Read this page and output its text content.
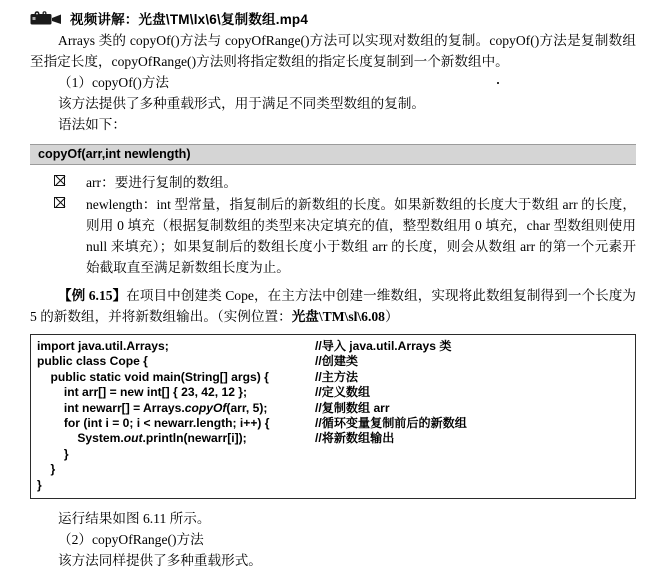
视频讲解：光盘\TM\lx\6\复制数组.mp4

Arrays 类的 copyOf()方法与 copyOfRange()方法可以实现对数组的复制。copyOf()方法是复制数组至指定长度，copyOfRange()方法则将指定数组的指定长度复制到一个新数组中。

（1）copyOf()方法

该方法提供了多种重载形式，用于满足不同类型数组的复制。

语法如下：

copyOf(arr,int newlength)
arr：要进行复制的数组。
newlength：int 型常量，指复制后的新数组的长度。如果新数组的长度大于数组 arr 的长度，则用 0 填充（根据复制数组的类型来决定填充的值，整型数组用 0 填充，char 型数组则使用 null 来填充）；如果复制后的数组长度小于数组 arr 的长度，则会从数组 arr 的第一个元素开始截取直至满足新数组长度为止。

【例 6.15】在项目中创建类 Cope，在主方法中创建一维数组，实现将此数组复制得到一个长度为 5 的新数组，并将新数组输出。（实例位置：光盘\TM\sl\6.08）

import java.util.Arrays;	//导入 java.util.Arrays 类
public class Cope {	//创建类
public static void main(String[] args) {	//主方法
int arr[] = new int[] { 23, 42, 12 };	//定义数组
int newarr[] = Arrays.copyOf(arr, 5);	//复制数组 arr
for (int i = 0; i < newarr.length; i++) {	//循环变量复制前后的新数组
System.out.println(newarr[i]);	//将新数组输出
}
}
}

运行结果如图 6.11 所示。

（2）copyOfRange()方法

该方法同样提供了多种重载形式。
